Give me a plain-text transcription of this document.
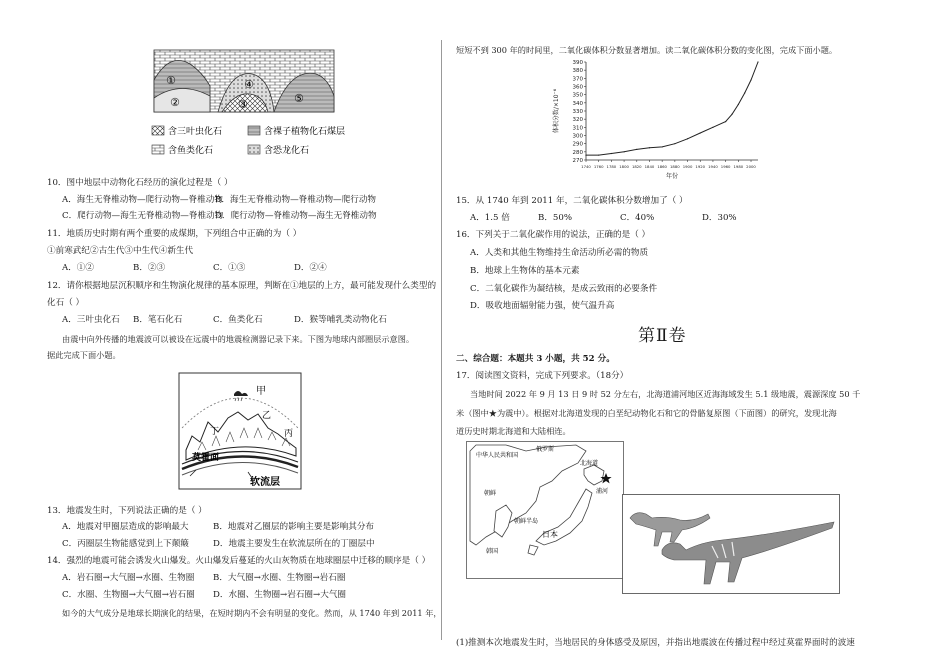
①
②	③
④
⑤
含三叶虫化石	含裸子植物化石煤层
含鱼类化石	含恐龙化石
10．图中地层中动物化石经历的演化过程是（ ）
A．海生无脊椎动物—爬行动物—脊椎动物
B．海生无脊椎动物—脊椎动物—爬行动物
C．爬行动物—海生无脊椎动物—脊椎动物
D．爬行动物—脊椎动物—海生无脊椎动物
11．地质历史时期有两个重要的成煤期，下列组合中正确的为（ ）
①前寒武纪②古生代③中生代④新生代
A．①②	B．②③	C．①③	D．②④
12．请你根据地层沉积顺序和生物演化规律的基本原理，判断在①地层的上方，最可能发现什么类型的
化石（ ）
A．三叶虫化石 B．笔石化石	C．鱼类化石	D．猴等哺乳类动物化石
由震中向外传播的地震波可以被设在远震中的地震检测器记录下来。下图为地球内部圈层示意图。
据此完成下面小题。
甲
乙
丙
丁
莫霍面
软流层
13．地震发生时，下列说法正确的是（ ）
A．地震对甲圈层造成的影响最大	B．地震对乙圈层的影响主要是影响其分布
C．丙圈层生物能感觉到上下颠簸	D．地震主要发生在软流层所在的丁圈层中
14．强烈的地震可能会诱发火山爆发。火山爆发后蔓延的火山灰物质在地球圈层中迁移的顺序是（ ）
A．岩石圈→大气圈→水圈、生物圈 B．大气圈→水圈、生物圈→岩石圈
C．水圈、生物圈→大气圈→岩石圈 D．水圈、生物圈→岩石圈→大气圈
如今的大气成分是地球长期演化的结果，在短时期内不会有明显的变化。然而，从 1740 年到 2011 年，
短短不到 300 年的时间里，二氧化碳体积分数显著增加。读二氧化碳体积分数的变化图，完成下面小题。
270
280
290
300
310
320
330
340
350
360
370
380
390
1740 1760 1780 1800 1820 1840 1860 1880 1900 1920 1940 1960 1980 2000
年份
体积分数/×10⁻⁶
15．从 1740 年到 2011 年，二氧化碳体积分数增加了（ ）
A．1.5 倍	B．50%	C．40%	D．30%
16．下列关于二氧化碳作用的说法，正确的是（ ）
A．人类和其他生物维持生命活动所必需的物质
B．地球上生物体的基本元素
C．二氧化碳作为凝结核，是成云致雨的必要条件
D．吸收地面辐射能力强，使气温升高
第Ⅱ卷
二、综合题：本题共 3 小题，共 52 分。
17．阅读图文资料，完成下列要求。（18分）
当地时间 2022 年 9 月 13 日 9 时 52 分左右，北海道浦河地区近海海域发生 5.1 级地震，震源深度 50 千
米（图中★为震中）。根据对北海道发现的白垩纪动物化石和它的骨骼复原图（下面图）的研究，发现北海
道历史时期北海道和大陆相连。
俄罗斯
中华人民共和国
北海道
浦河
朝鲜
韩国
朝鲜半岛
日本
(1)推测本次地震发生时，当地居民的身体感受及原因，并指出地震波在传播过程中经过莫霍界面时的波速
